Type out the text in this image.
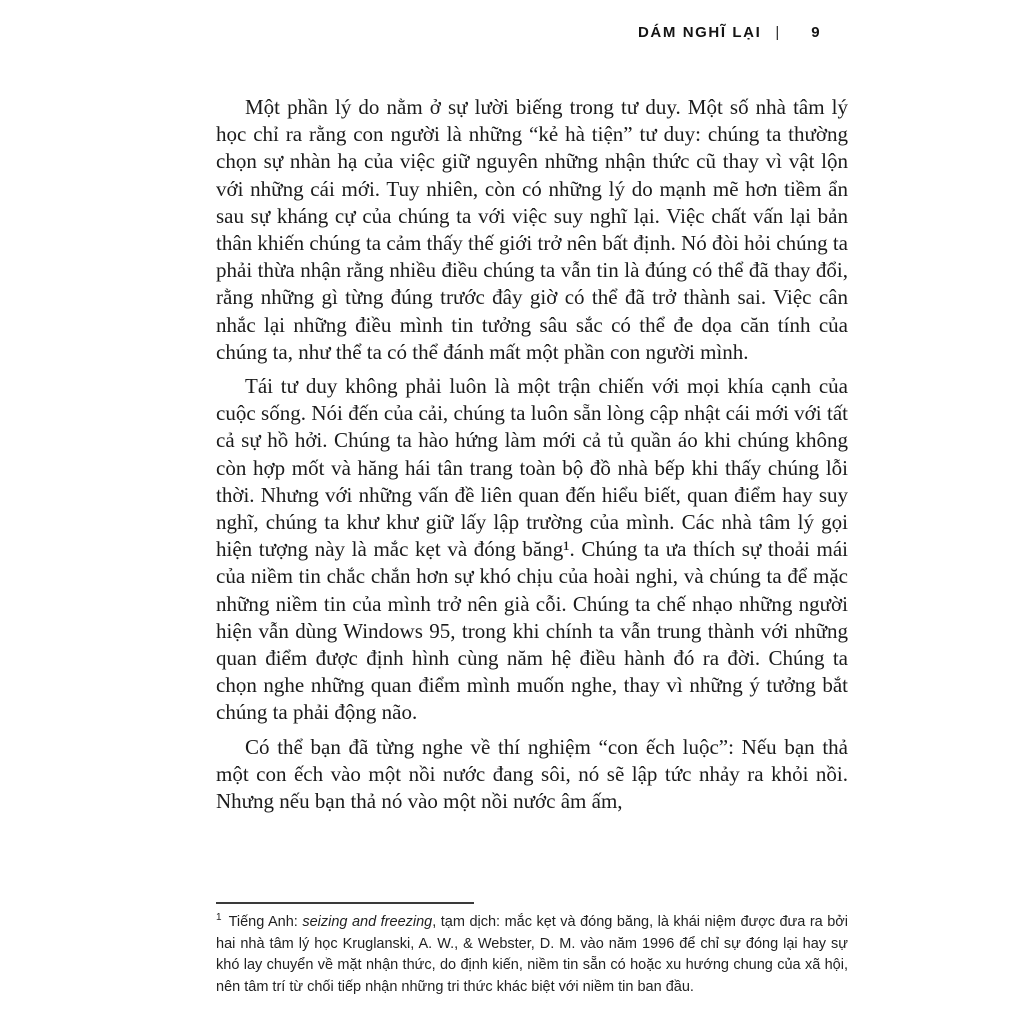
DÁM NGHĨ LẠI | 9

Một phần lý do nằm ở sự lười biếng trong tư duy. Một số nhà tâm lý học chỉ ra rằng con người là những “kẻ hà tiện” tư duy: chúng ta thường chọn sự nhàn hạ của việc giữ nguyên những nhận thức cũ thay vì vật lộn với những cái mới. Tuy nhiên, còn có những lý do mạnh mẽ hơn tiềm ẩn sau sự kháng cự của chúng ta với việc suy nghĩ lại. Việc chất vấn lại bản thân khiến chúng ta cảm thấy thế giới trở nên bất định. Nó đòi hỏi chúng ta phải thừa nhận rằng nhiều điều chúng ta vẫn tin là đúng có thể đã thay đổi, rằng những gì từng đúng trước đây giờ có thể đã trở thành sai. Việc cân nhắc lại những điều mình tin tưởng sâu sắc có thể đe dọa căn tính của chúng ta, như thể ta có thể đánh mất một phần con người mình.

Tái tư duy không phải luôn là một trận chiến với mọi khía cạnh của cuộc sống. Nói đến của cải, chúng ta luôn sẵn lòng cập nhật cái mới với tất cả sự hồ hởi. Chúng ta hào hứng làm mới cả tủ quần áo khi chúng không còn hợp mốt và hăng hái tân trang toàn bộ đồ nhà bếp khi thấy chúng lỗi thời. Nhưng với những vấn đề liên quan đến hiểu biết, quan điểm hay suy nghĩ, chúng ta khư khư giữ lấy lập trường của mình. Các nhà tâm lý gọi hiện tượng này là mắc kẹt và đóng băng¹. Chúng ta ưa thích sự thoải mái của niềm tin chắc chắn hơn sự khó chịu của hoài nghi, và chúng ta để mặc những niềm tin của mình trở nên già cỗi. Chúng ta chế nhạo những người hiện vẫn dùng Windows 95, trong khi chính ta vẫn trung thành với những quan điểm được định hình cùng năm hệ điều hành đó ra đời. Chúng ta chọn nghe những quan điểm mình muốn nghe, thay vì những ý tưởng bắt chúng ta phải động não.

Có thể bạn đã từng nghe về thí nghiệm “con ếch luộc”: Nếu bạn thả một con ếch vào một nồi nước đang sôi, nó sẽ lập tức nhảy ra khỏi nồi. Nhưng nếu bạn thả nó vào một nồi nước âm ấm,

$^1$ Tiếng Anh: seizing and freezing, tạm dịch: mắc kẹt và đóng băng, là khái niệm được đưa ra bởi hai nhà tâm lý học Kruglanski, A. W., & Webster, D. M. vào năm 1996 để chỉ sự đóng lại hay sự khó lay chuyển về mặt nhận thức, do định kiến, niềm tin sẵn có hoặc xu hướng chung của xã hội, nên tâm trí từ chối tiếp nhận những tri thức khác biệt với niềm tin ban đầu.
